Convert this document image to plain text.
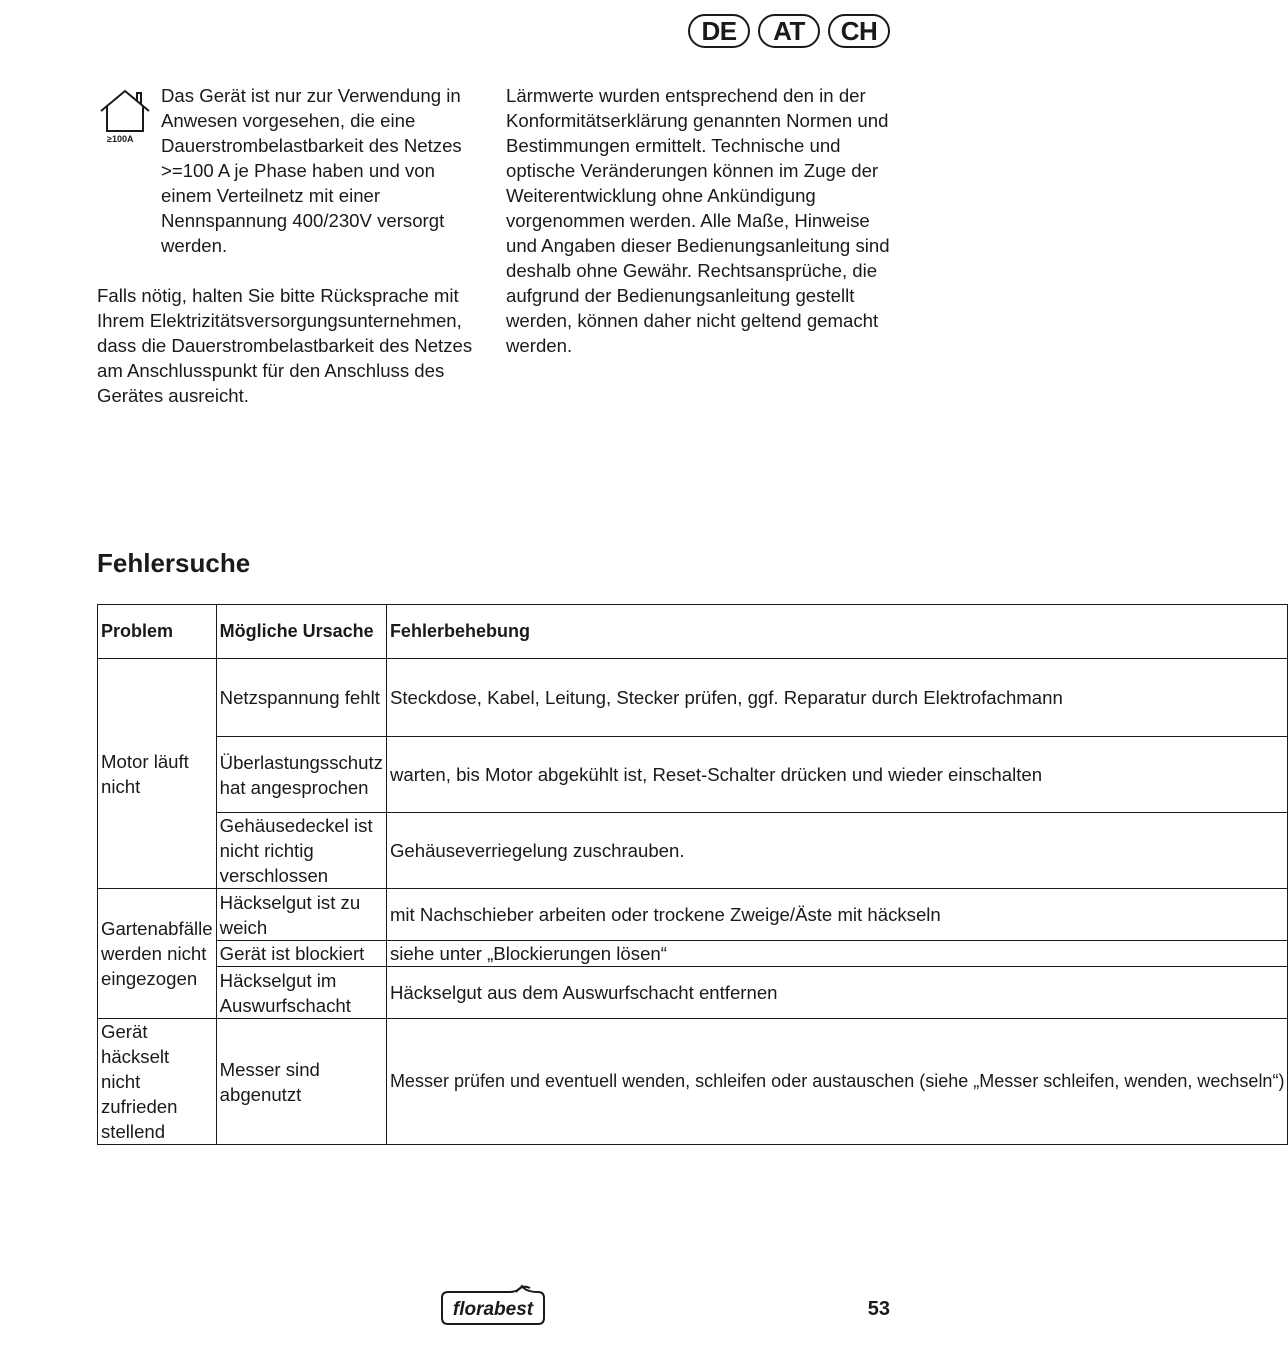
DE	AT	CH
≥100A

Das Gerät ist nur zur Verwendung in Anwesen vorgesehen, die eine Dauerstrombelastbarkeit des Netzes >=100 A je Phase haben und von einem Verteilnetz mit einer Nennspannung 400/230V versorgt werden.

Falls nötig, halten Sie bitte Rücksprache mit Ihrem Elektrizitätsversorgungsunternehmen, dass die Dauerstrombelastbarkeit des Netzes am Anschlusspunkt für den Anschluss des Gerätes ausreicht.

Lärmwerte wurden entsprechend den in der Konformitätserklärung genannten Normen und Bestimmungen ermittelt. Technische und optische Veränderungen können im Zuge der Weiterentwicklung ohne Ankündigung vorgenommen werden. Alle Maße, Hinweise und Angaben dieser Bedienungsanleitung sind deshalb ohne Gewähr. Rechtsansprüche, die aufgrund der Bedienungsanleitung gestellt werden, können daher nicht geltend gemacht werden.

Fehlersuche
Problem	Mögliche Ursache	Fehlerbehebung
Motor läuft nicht	Netzspannung fehlt	Steckdose, Kabel, Leitung, Stecker prüfen, ggf. Reparatur durch Elektrofachmann
	Überlastungsschutz hat angesprochen	warten, bis Motor abgekühlt ist, Reset-Schalter drücken und wieder einschalten
	Gehäusedeckel ist nicht richtig verschlossen	Gehäuseverriegelung zuschrauben.
Gartenabfälle werden nicht eingezogen	Häckselgut ist zu weich	mit Nachschieber arbeiten oder trockene Zweige/Äste mit häckseln
	Gerät ist blockiert	siehe unter „Blockierungen lösen“
	Häckselgut im Auswurfschacht	Häckselgut aus dem Auswurfschacht entfernen
Gerät häckselt nicht zufrieden stellend	Messer sind abgenutzt	Messer prüfen und eventuell wenden, schleifen oder austauschen (siehe „Messer schleifen, wenden, wechseln“)
florabest	53
